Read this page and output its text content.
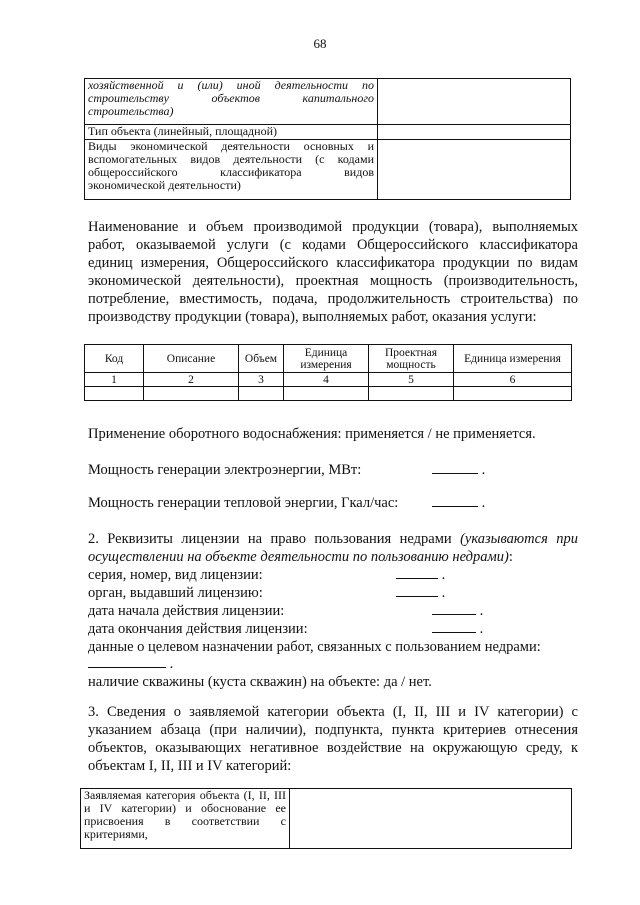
68
хозяйственной и (или) иной деятельности по строительству объектов капитального строительства)	
Тип объекта (линейный, площадной)	
Виды экономической деятельности основных и вспомогательных видов деятельности (с кодами общероссийского классификатора видов экономической деятельности)	
Наименование и объем производимой продукции (товара), выполняемых работ, оказываемой услуги (с кодами Общероссийского классификатора единиц измерения, Общероссийского классификатора продукции по видам экономической деятельности), проектная мощность (производительность, потребление, вместимость, подача, продолжительность строительства) по производству продукции (товара), выполняемых работ, оказания услуги:
Код	Описание	Объем	Единица измерения	Проектная мощность	Единица измерения
1	2	3	4	5	6

Применение оборотного водоснабжения: применяется / не применяется.
Мощность генерации электроэнергии, МВт:	.
Мощность генерации тепловой энергии, Гкал/час:	.
2. Реквизиты лицензии на право пользования недрами (указываются при осуществлении на объекте деятельности по пользованию недрами):
серия, номер, вид лицензии:	.
орган, выдавший лицензию:	.
дата начала действия лицензии:	.
дата окончания действия лицензии:	.
данные о целевом назначении работ, связанных с пользованием недрами:
.
наличие скважины (куста скважин) на объекте: да / нет.
3. Сведения о заявляемой категории объекта (I, II, III и IV категории) с указанием абзаца (при наличии), подпункта, пункта критериев отнесения объектов, оказывающих негативное воздействие на окружающую среду, к объектам I, II, III и IV категорий:
Заявляемая категория объекта (I, II, III и IV категории) и обоснование ее присвоения в соответствии с критериями,	
